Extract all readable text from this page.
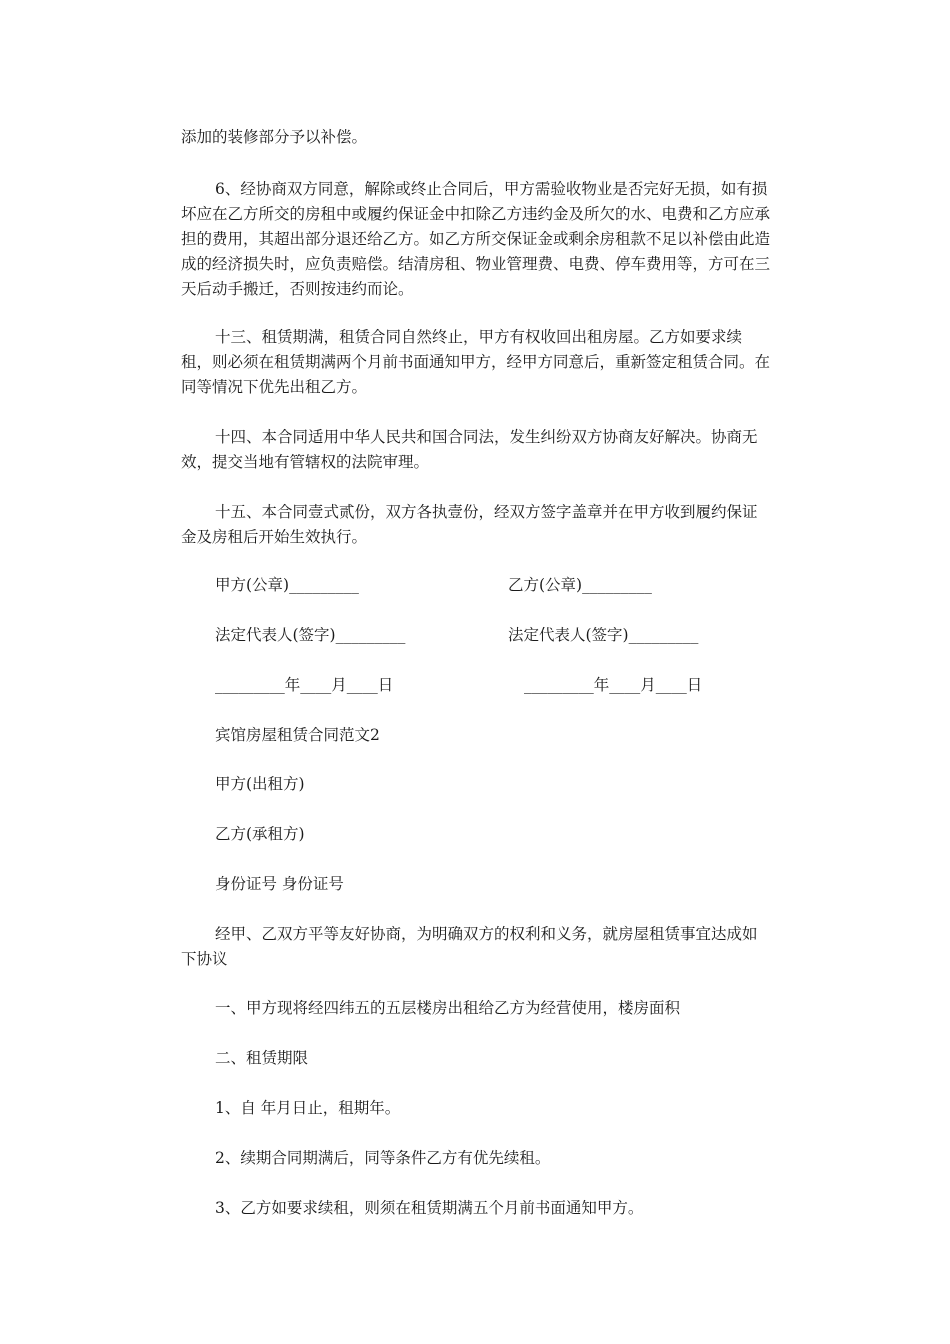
添加的装修部分予以补偿。

6、经协商双方同意，解除或终止合同后，甲方需验收物业是否完好无损，如有损坏应在乙方所交的房租中或履约保证金中扣除乙方违约金及所欠的水、电费和乙方应承担的费用，其超出部分退还给乙方。如乙方所交保证金或剩余房租款不足以补偿由此造成的经济损失时，应负责赔偿。结清房租、物业管理费、电费、停车费用等，方可在三天后动手搬迁，否则按违约而论。

十三、租赁期满，租赁合同自然终止，甲方有权收回出租房屋。乙方如要求续租，则必须在租赁期满两个月前书面通知甲方，经甲方同意后，重新签定租赁合同。在同等情况下优先出租乙方。

十四、本合同适用中华人民共和国合同法，发生纠纷双方协商友好解决。协商无效，提交当地有管辖权的法院审理。

十五、本合同壹式贰份，双方各执壹份，经双方签字盖章并在甲方收到履约保证金及房租后开始生效执行。

甲方(公章)_________	乙方(公章)_________
法定代表人(签字)_________	法定代表人(签字)_________
_________年____月____日	_________年____月____日
宾馆房屋租赁合同范文2
甲方(出租方)
乙方(承租方)
身份证号 身份证号

经甲、乙双方平等友好协商，为明确双方的权利和义务，就房屋租赁事宜达成如下协议

一、甲方现将经四纬五的五层楼房出租给乙方为经营使用，楼房面积
二、租赁期限
1、自 年月日止，租期年。
2、续期合同期满后，同等条件乙方有优先续租。
3、乙方如要求续租，则须在租赁期满五个月前书面通知甲方。
